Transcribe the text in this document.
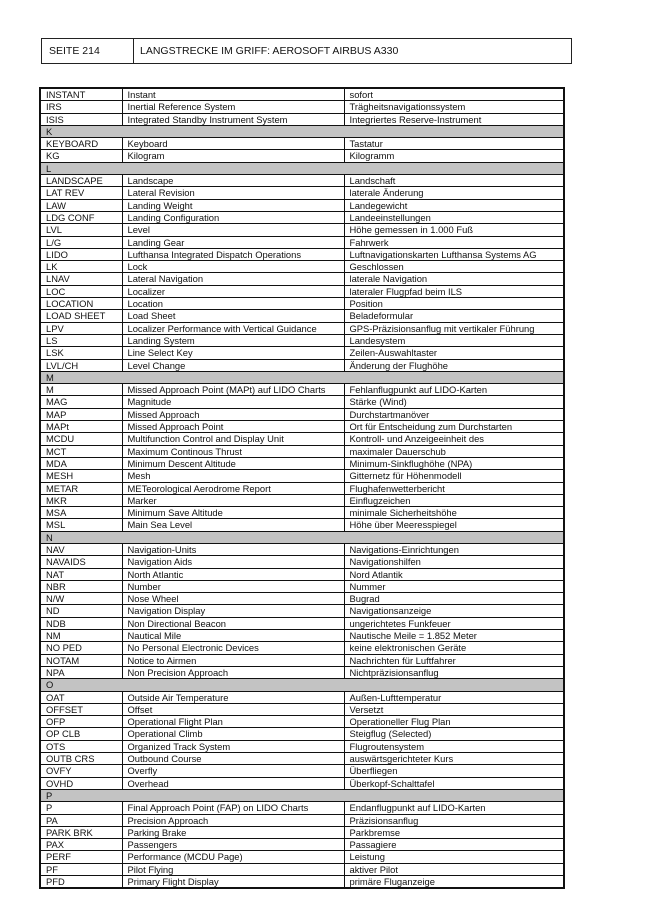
SEITE 214	LANGSTRECKE IM GRIFF: AEROSOFT AIRBUS A330
INSTANT	Instant	sofort
IRS	Inertial Reference System	Trägheitsnavigationssystem
ISIS	Integrated Standby Instrument System	Integriertes Reserve-Instrument
K		
KEYBOARD	Keyboard	Tastatur
KG	Kilogram	Kilogramm
L		
LANDSCAPE	Landscape	Landschaft
LAT REV	Lateral Revision	laterale Änderung
LAW	Landing Weight	Landegewicht
LDG CONF	Landing Configuration	Landeeinstellungen
LVL	Level	Höhe gemessen in 1.000 Fuß
L/G	Landing Gear	Fahrwerk
LIDO	Lufthansa Integrated Dispatch Operations	Luftnavigationskarten Lufthansa Systems AG
LK	Lock	Geschlossen
LNAV	Lateral Navigation	laterale Navigation
LOC	Localizer	lateraler Flugpfad beim ILS
LOCATION	Location	Position
LOAD SHEET	Load Sheet	Beladeformular
LPV	Localizer Performance with Vertical Guidance	GPS-Präzisionsanflug mit vertikaler Führung
LS	Landing System	Landesystem
LSK	Line Select Key	Zeilen-Auswahltaster
LVL/CH	Level Change	Änderung der Flughöhe
M		
M	Missed Approach Point (MAPt) auf LIDO Charts	Fehlanflugpunkt auf LIDO-Karten
MAG	Magnitude	Stärke (Wind)
MAP	Missed Approach	Durchstartmanöver
MAPt	Missed Approach Point	Ort für Entscheidung zum Durchstarten
MCDU	Multifunction Control and Display Unit	Kontroll- und Anzeigeeinheit des
MCT	Maximum Continous Thrust	maximaler Dauerschub
MDA	Minimum Descent Altitude	Minimum-Sinkflughöhe (NPA)
MESH	Mesh	Gitternetz für Höhenmodell
METAR	METeorological Aerodrome Report	Flughafenwetterbericht
MKR	Marker	Einflugzeichen
MSA	Minimum Save Altitude	minimale Sicherheitshöhe
MSL	Main Sea Level	Höhe über Meeresspiegel
N		
NAV	Navigation-Units	Navigations-Einrichtungen
NAVAIDS	Navigation Aids	Navigationshilfen
NAT	North Atlantic	Nord Atlantik
NBR	Number	Nummer
N/W	Nose Wheel	Bugrad
ND	Navigation Display	Navigationsanzeige
NDB	Non Directional Beacon	ungerichtetes Funkfeuer
NM	Nautical Mile	Nautische Meile = 1.852 Meter
NO PED	No Personal Electronic Devices	keine elektronischen Geräte
NOTAM	Notice to Airmen	Nachrichten für Luftfahrer
NPA	Non Precision Approach	Nichtpräzisionsanflug
O		
OAT	Outside Air Temperature	Außen-Lufttemperatur
OFFSET	Offset	Versetzt
OFP	Operational Flight Plan	Operationeller Flug Plan
OP CLB	Operational Climb	Steigflug (Selected)
OTS	Organized Track System	Flugroutensystem
OUTB CRS	Outbound Course	auswärtsgerichteter Kurs
OVFY	Overfly	Überfliegen
OVHD	Overhead	Überkopf-Schalttafel
P		
P	Final Approach Point (FAP) on LIDO Charts	Endanflugpunkt auf LIDO-Karten
PA	Precision Approach	Präzisionsanflug
PARK BRK	Parking Brake	Parkbremse
PAX	Passengers	Passagiere
PERF	Performance (MCDU Page)	Leistung
PF	Pilot Flying	aktiver Pilot
PFD	Primary Flight Display	primäre Fluganzeige
